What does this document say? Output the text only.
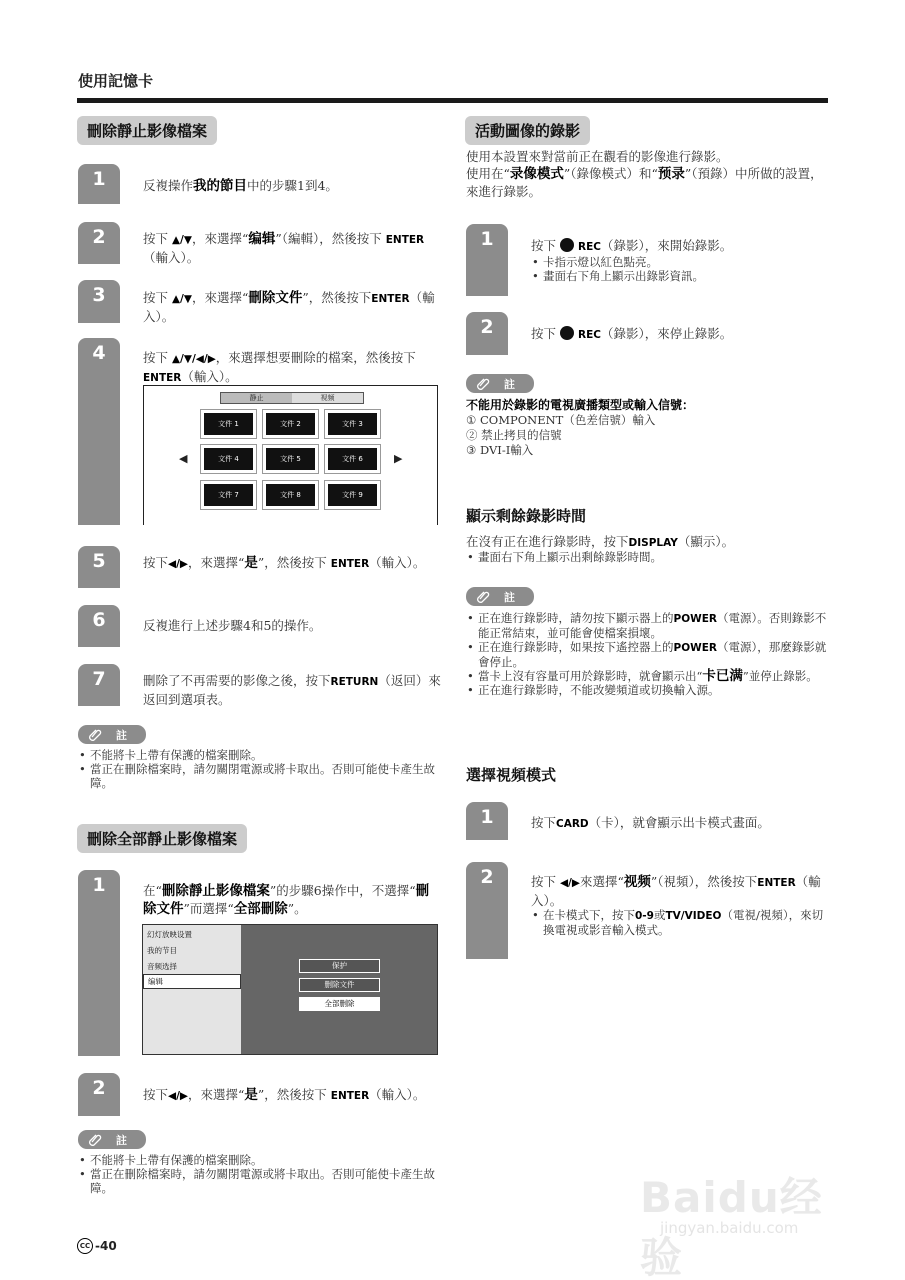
使用記憶卡
刪除靜止影像檔案
1	反複操作我的節目中的步驟1到4。
2	按下 ▲/▼，來選擇“编辑”（編輯），然後按下 ENTER（輸入）。
3	按下 ▲/▼，來選擇“刪除文件”，然後按下ENTER（輸入）。
4	按下 ▲/▼/◀/▶，來選擇想要刪除的檔案，然後按下ENTER（輸入）。
静止	视频
◀	▶
文件 1	文件 2	文件 3
文件 4	文件 5	文件 6
文件 7	文件 8	文件 9
5	按下◀/▶，來選擇“是”，然後按下 ENTER（輸入）。
6	反複進行上述步驟4和5的操作。
7	刪除了不再需要的影像之後，按下RETURN（返回）來返回到選項表。
註
• 不能將卡上帶有保護的檔案刪除。
• 當正在刪除檔案時，請勿關閉電源或將卡取出。否則可能使卡產生故障。
刪除全部靜止影像檔案
1	在“刪除靜止影像檔案”的步驟6操作中，不選擇“刪除文件”而選擇“全部刪除”。
幻灯放映设置
我的节目
音频选择
编辑
保护
删除文件
全部删除
2	按下◀/▶，來選擇“是”，然後按下 ENTER（輸入）。
註
• 不能將卡上帶有保護的檔案刪除。
• 當正在刪除檔案時，請勿關閉電源或將卡取出。否則可能使卡產生故障。
活動圖像的錄影
使用本設置來對當前正在觀看的影像進行錄影。
使用在“录像模式”（錄像模式）和“预录”（預錄）中所做的設置，來進行錄影。
1	按下 REC（錄影），來開始錄影。
• 卡指示燈以紅色點亮。
• 畫面右下角上顯示出錄影資訊。
2	按下 REC（錄影），來停止錄影。
註
不能用於錄影的電視廣播類型或輸入信號：
① COMPONENT（色差信號）輸入
② 禁止拷貝的信號
③ DVI-I輸入
顯示剩餘錄影時間
在沒有正在進行錄影時，按下DISPLAY（顯示）。
• 畫面右下角上顯示出剩餘錄影時間。
註
• 正在進行錄影時，請勿按下顯示器上的POWER（電源）。否則錄影不能正常結束，並可能會使檔案損壞。
• 正在進行錄影時，如果按下遙控器上的POWER（電源），那麼錄影就會停止。
• 當卡上沒有容量可用於錄影時，就會顯示出“卡已满”並停止錄影。
• 正在進行錄影時，不能改變頻道或切換輸入源。
選擇視頻模式
1	按下CARD（卡），就會顯示出卡模式畫面。
2	按下 ◀/▶來選擇“视频”（視頻），然後按下ENTER（輸入）。
• 在卡模式下，按下0-9或TV/VIDEO（電視/視頻），來切換電視或影音輸入模式。
Baidu经验
jingyan.baidu.com
CC -40
